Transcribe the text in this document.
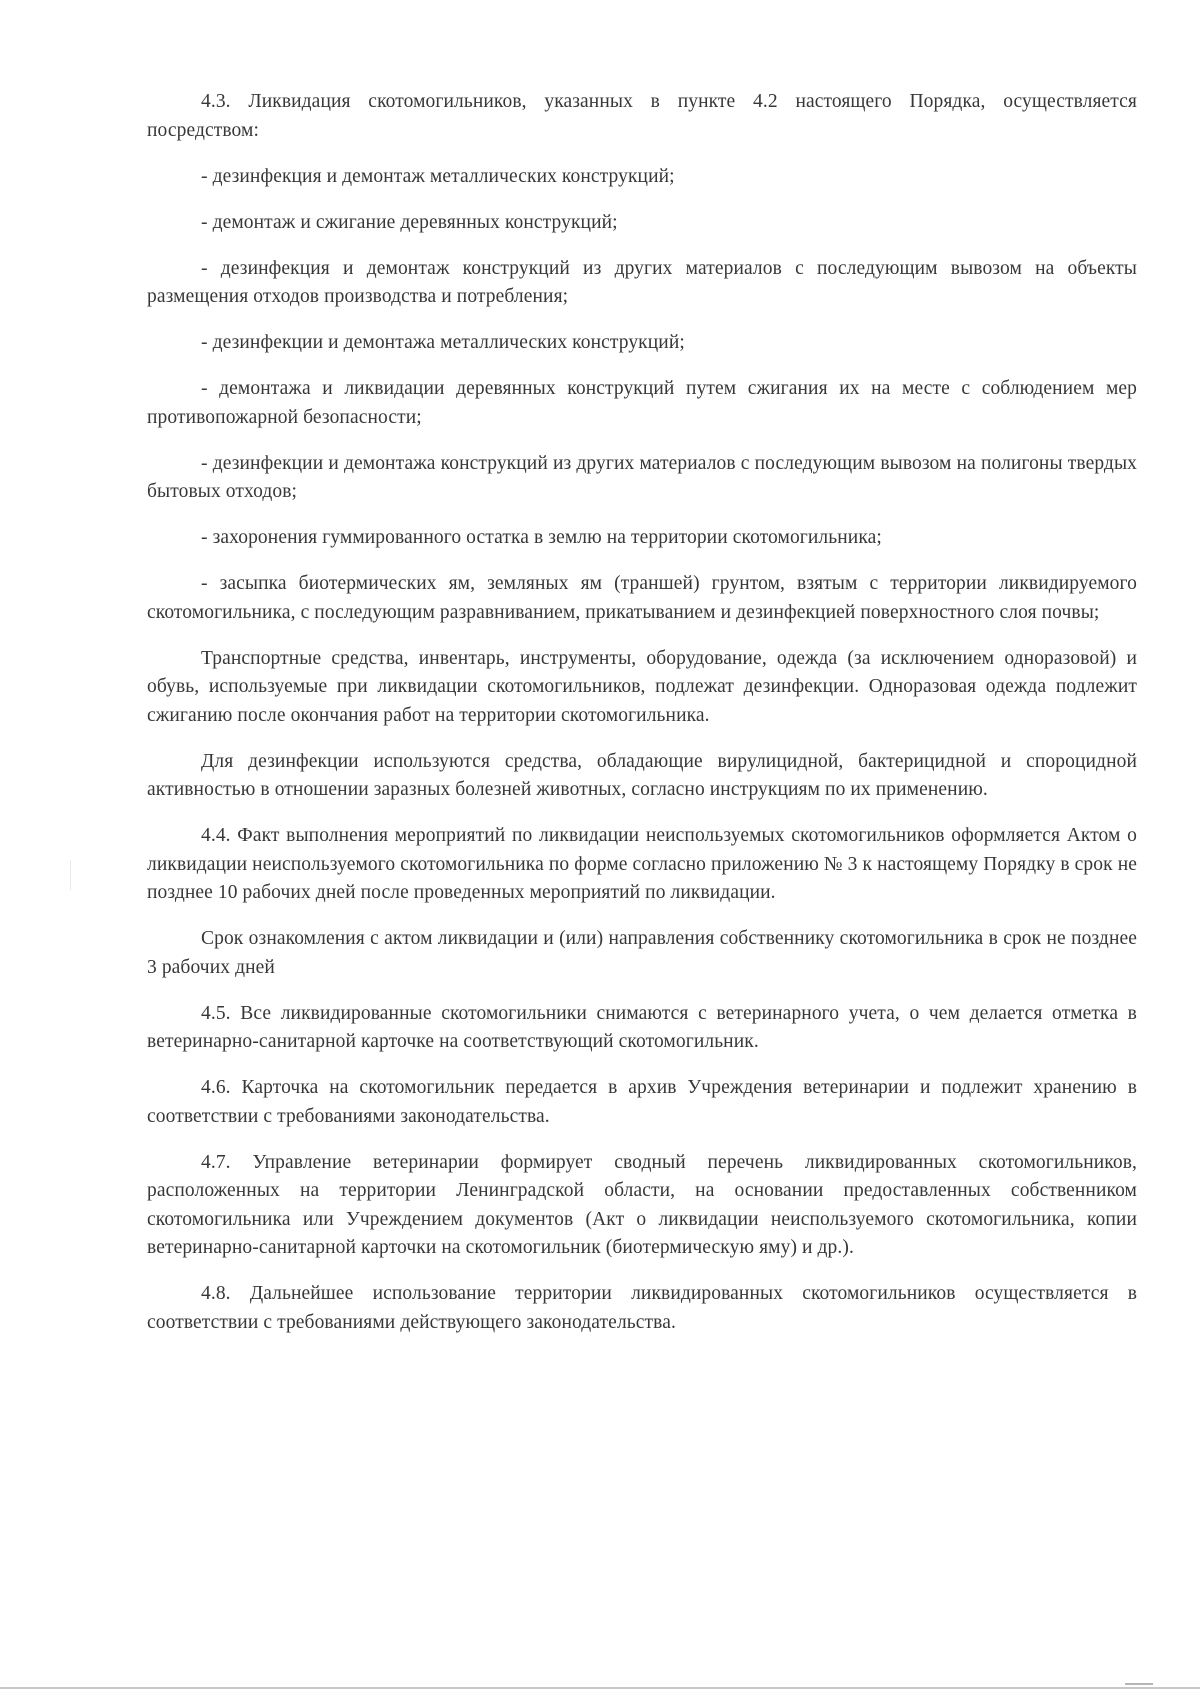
4.3. Ликвидация скотомогильников, указанных в пункте 4.2 настоящего Порядка, осуществляется посредством:

- дезинфекция и демонтаж металлических конструкций;

- демонтаж и сжигание деревянных конструкций;

- дезинфекция и демонтаж конструкций из других материалов с последующим вывозом на объекты размещения отходов производства и потребления;

- дезинфекции и демонтажа металлических конструкций;

- демонтажа и ликвидации деревянных конструкций путем сжигания их на месте с соблюдением мер противопожарной безопасности;

- дезинфекции и демонтажа конструкций из других материалов с последующим вывозом на полигоны твердых бытовых отходов;

- захоронения гуммированного остатка в землю на территории скотомогильника;

- засыпка биотермических ям, земляных ям (траншей) грунтом, взятым с территории ликвидируемого скотомогильника, с последующим разравниванием, прикатыванием и дезинфекцией поверхностного слоя почвы;

Транспортные средства, инвентарь, инструменты, оборудование, одежда (за исключением одноразовой) и обувь, используемые при ликвидации скотомогильников, подлежат дезинфекции. Одноразовая одежда подлежит сжиганию после окончания работ на территории скотомогильника.

Для дезинфекции используются средства, обладающие вирулицидной, бактерицидной и спороцидной активностью в отношении заразных болезней животных, согласно инструкциям по их применению.

4.4. Факт выполнения мероприятий по ликвидации неиспользуемых скотомогильников оформляется Актом о ликвидации неиспользуемого скотомогильника по форме согласно приложению № 3 к настоящему Порядку в срок не позднее 10 рабочих дней после проведенных мероприятий по ликвидации.

Срок ознакомления с актом ликвидации и (или) направления собственнику скотомогильника в срок не позднее 3 рабочих дней

4.5. Все ликвидированные скотомогильники снимаются с ветеринарного учета, о чем делается отметка в ветеринарно-санитарной карточке на соответствующий скотомогильник.

4.6. Карточка на скотомогильник передается в архив Учреждения ветеринарии и подлежит хранению в соответствии с требованиями законодательства.

4.7. Управление ветеринарии формирует сводный перечень ликвидированных скотомогильников, расположенных на территории Ленинградской области, на основании предоставленных собственником скотомогильника или Учреждением документов (Акт о ликвидации неиспользуемого скотомогильника, копии ветеринарно-санитарной карточки на скотомогильник (биотермическую яму) и др.).

4.8. Дальнейшее использование территории ликвидированных скотомогильников осуществляется в соответствии с требованиями действующего законодательства.
